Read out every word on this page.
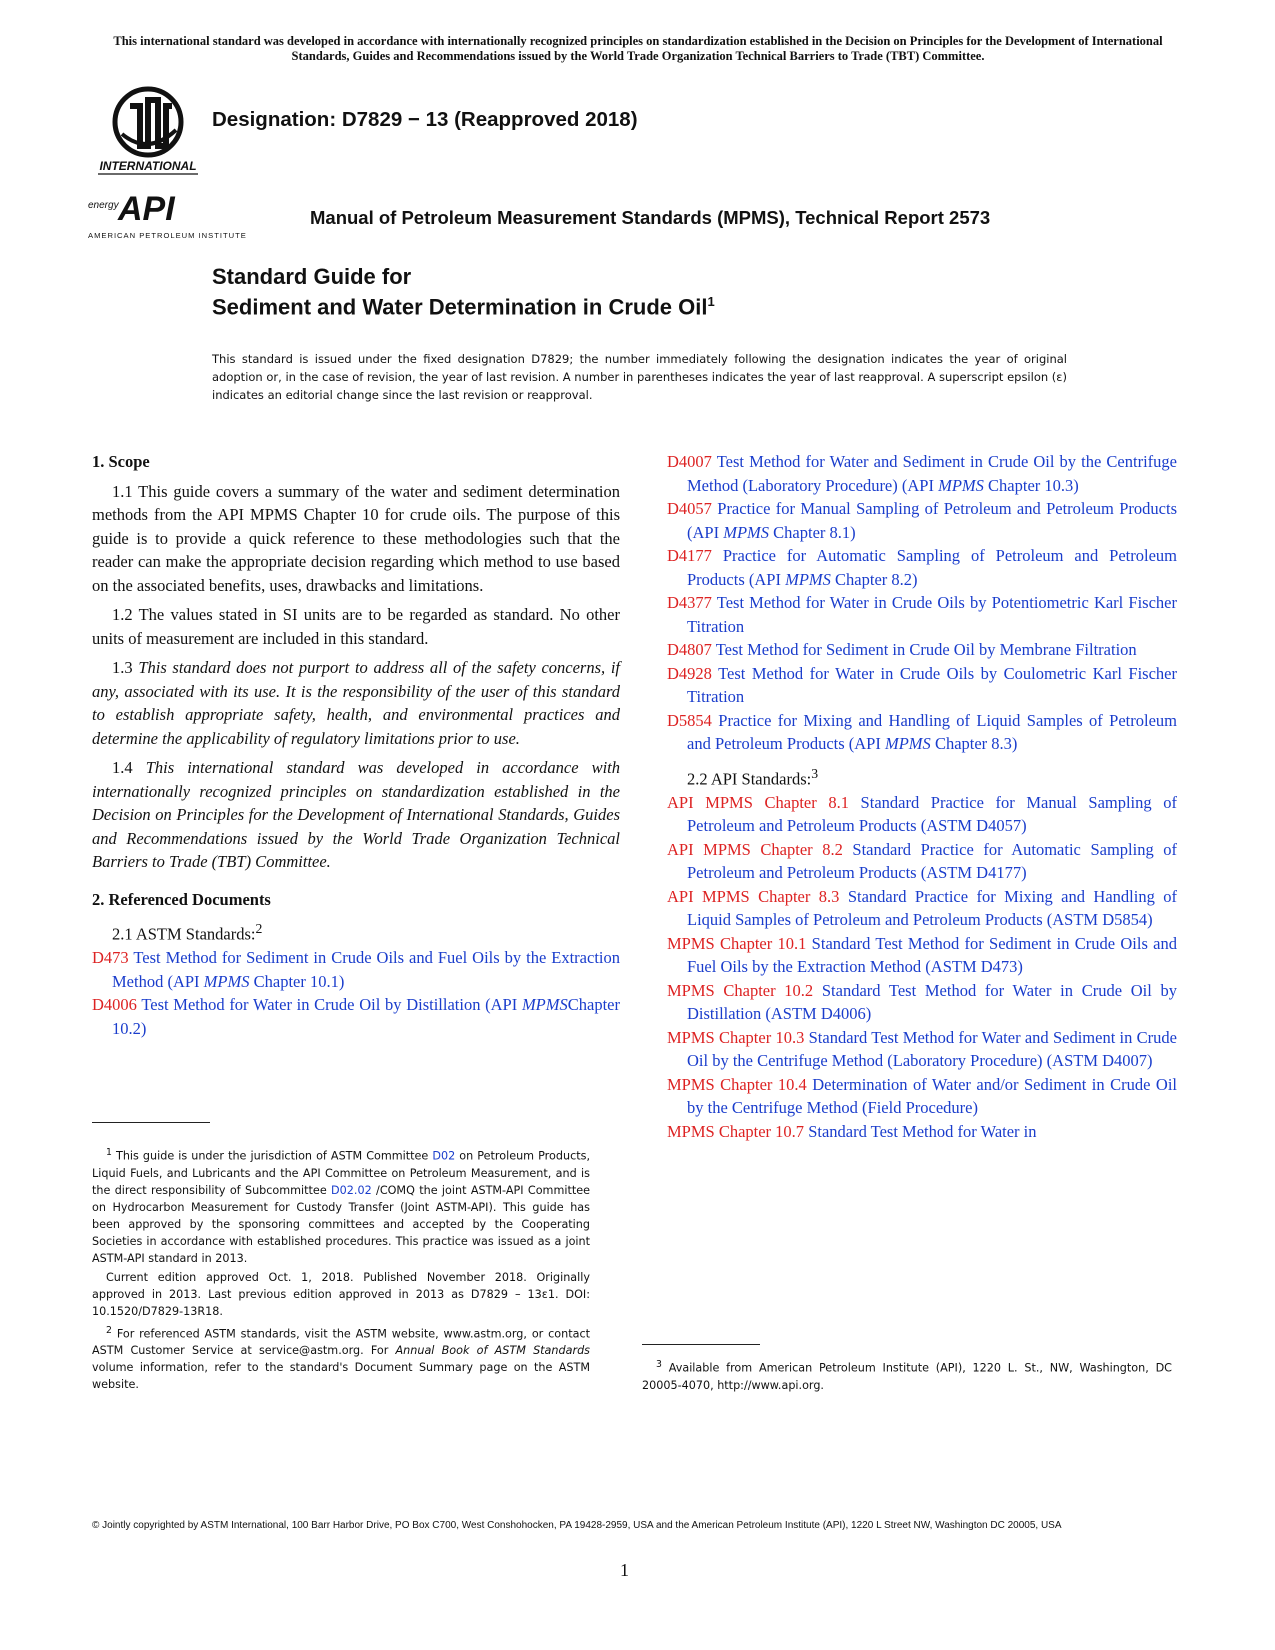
This international standard was developed in accordance with internationally recognized principles on standardization established in the Decision on Principles for the Development of International Standards, Guides and Recommendations issued by the World Trade Organization Technical Barriers to Trade (TBT) Committee.
INTERNATIONAL
energy API
AMERICAN PETROLEUM INSTITUTE
Designation: D7829 − 13 (Reapproved 2018)
Manual of Petroleum Measurement Standards (MPMS), Technical Report 2573
Standard Guide for
Sediment and Water Determination in Crude Oil$^1$
This standard is issued under the fixed designation D7829; the number immediately following the designation indicates the year of original adoption or, in the case of revision, the year of last revision. A number in parentheses indicates the year of last reapproval. A superscript epsilon (ε) indicates an editorial change since the last revision or reapproval.

1. Scope

1.1 This guide covers a summary of the water and sediment determination methods from the API MPMS Chapter 10 for crude oils. The purpose of this guide is to provide a quick reference to these methodologies such that the reader can make the appropriate decision regarding which method to use based on the associated benefits, uses, drawbacks and limitations.

1.2 The values stated in SI units are to be regarded as standard. No other units of measurement are included in this standard.

1.3 This standard does not purport to address all of the safety concerns, if any, associated with its use. It is the responsibility of the user of this standard to establish appropriate safety, health, and environmental practices and determine the applicability of regulatory limitations prior to use.

1.4 This international standard was developed in accordance with internationally recognized principles on standardization established in the Decision on Principles for the Development of International Standards, Guides and Recommendations issued by the World Trade Organization Technical Barriers to Trade (TBT) Committee.

2. Referenced Documents

2.1 ASTM Standards:$^2$

D473 Test Method for Sediment in Crude Oils and Fuel Oils by the Extraction Method (API MPMS Chapter 10.1)

D4006 Test Method for Water in Crude Oil by Distillation (API MPMSChapter 10.2)

$^1$ This guide is under the jurisdiction of ASTM Committee D02 on Petroleum Products, Liquid Fuels, and Lubricants and the API Committee on Petroleum Measurement, and is the direct responsibility of Subcommittee D02.02 /COMQ the joint ASTM-API Committee on Hydrocarbon Measurement for Custody Transfer (Joint ASTM-API). This guide has been approved by the sponsoring committees and accepted by the Cooperating Societies in accordance with established procedures. This practice was issued as a joint ASTM-API standard in 2013.

Current edition approved Oct. 1, 2018. Published November 2018. Originally approved in 2013. Last previous edition approved in 2013 as D7829 – 13ε1. DOI: 10.1520/D7829-13R18.

$^2$ For referenced ASTM standards, visit the ASTM website, www.astm.org, or contact ASTM Customer Service at service@astm.org. For Annual Book of ASTM Standards volume information, refer to the standard's Document Summary page on the ASTM website.

D4007 Test Method for Water and Sediment in Crude Oil by the Centrifuge Method (Laboratory Procedure) (API MPMS Chapter 10.3)

D4057 Practice for Manual Sampling of Petroleum and Petroleum Products (API MPMS Chapter 8.1)

D4177 Practice for Automatic Sampling of Petroleum and Petroleum Products (API MPMS Chapter 8.2)

D4377 Test Method for Water in Crude Oils by Potentiometric Karl Fischer Titration

D4807 Test Method for Sediment in Crude Oil by Membrane Filtration

D4928 Test Method for Water in Crude Oils by Coulometric Karl Fischer Titration

D5854 Practice for Mixing and Handling of Liquid Samples of Petroleum and Petroleum Products (API MPMS Chapter 8.3)

2.2 API Standards:$^3$

API MPMS Chapter 8.1 Standard Practice for Manual Sampling of Petroleum and Petroleum Products (ASTM D4057)

API MPMS Chapter 8.2 Standard Practice for Automatic Sampling of Petroleum and Petroleum Products (ASTM D4177)

API MPMS Chapter 8.3 Standard Practice for Mixing and Handling of Liquid Samples of Petroleum and Petroleum Products (ASTM D5854)

MPMS Chapter 10.1 Standard Test Method for Sediment in Crude Oils and Fuel Oils by the Extraction Method (ASTM D473)

MPMS Chapter 10.2 Standard Test Method for Water in Crude Oil by Distillation (ASTM D4006)

MPMS Chapter 10.3 Standard Test Method for Water and Sediment in Crude Oil by the Centrifuge Method (Laboratory Procedure) (ASTM D4007)

MPMS Chapter 10.4 Determination of Water and/or Sediment in Crude Oil by the Centrifuge Method (Field Procedure)

MPMS Chapter 10.7 Standard Test Method for Water in

$^3$ Available from American Petroleum Institute (API), 1220 L. St., NW, Washington, DC 20005-4070, http://www.api.org.

© Jointly copyrighted by ASTM International, 100 Barr Harbor Drive, PO Box C700, West Conshohocken, PA 19428-2959, USA and the American Petroleum Institute (API), 1220 L Street NW, Washington DC 20005, USA
1
